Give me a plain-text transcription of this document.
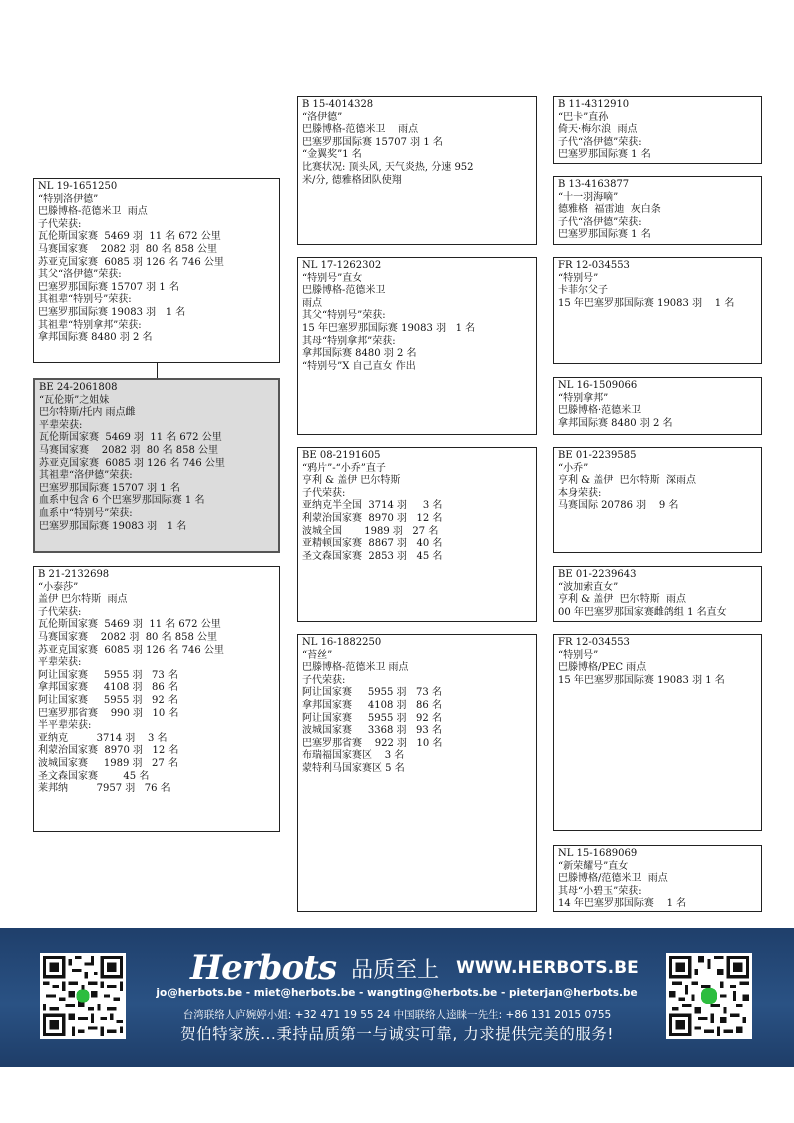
NL 19-1651250
“特别洛伊德”
巴滕博格-范德米卫  雨点
子代荣获:
瓦伦斯国家赛  5469 羽  11 名 672 公里
马赛国家赛    2082 羽  80 名 858 公里
苏亚克国家赛  6085 羽 126 名 746 公里
其父“洛伊德”荣获:
巴塞罗那国际赛 15707 羽 1 名
其祖辈“特别号”荣获:
巴塞罗那国际赛 19083 羽   1 名
其祖辈“特别拿邦”荣获:
拿邦国际赛 8480 羽 2 名
BE 24-2061808
“瓦伦斯”之姐妹
巴尔特斯/托内 雨点雌
平辈荣获:
瓦伦斯国家赛  5469 羽  11 名 672 公里
马赛国家赛    2082 羽  80 名 858 公里
苏亚克国家赛  6085 羽 126 名 746 公里
其祖辈“洛伊德”荣获:
巴塞罗那国际赛 15707 羽 1 名
血系中包含 6 个巴塞罗那国际赛 1 名
血系中“特别号”荣获:
巴塞罗那国际赛 19083 羽   1 名
B 21-2132698
“小泰莎”
盖伊 巴尔特斯  雨点
子代荣获:
瓦伦斯国家赛  5469 羽  11 名 672 公里
马赛国家赛    2082 羽  80 名 858 公里
苏亚克国家赛  6085 羽 126 名 746 公里
平辈荣获:
阿让国家赛     5955 羽   73 名
拿邦国家赛     4108 羽   86 名
阿让国家赛     5955 羽   92 名
巴塞罗那省赛    990 羽   10 名
半平辈荣获:
亚纳克         3714 羽    3 名
利蒙治国家赛  8970 羽   12 名
波城国家赛     1989 羽   27 名
圣文森国家赛        45 名
莱邦纳         7957 羽   76 名
B 15-4014328
“洛伊德”
巴滕博格-范德米卫    雨点
巴塞罗那国际赛 15707 羽 1 名
“金翼奖”1 名
比赛状况: 顶头风, 天气炎热, 分速 952
米/分, 德雅格团队使翔
NL 17-1262302
“特别号”直女
巴滕博格-范德米卫
雨点
其父“特别号”荣获:
15 年巴塞罗那国际赛 19083 羽   1 名
其母“特别拿邦”荣获:
拿邦国际赛 8480 羽 2 名
“特别号”X 自己直女 作出
BE 08-2191605
“鸦片”-“小乔”直子
亨利 & 盖伊 巴尔特斯
子代荣获:
亚纳克半全国  3714 羽     3 名
利蒙治国家赛  8970 羽   12 名
波城全国       1989 羽   27 名
亚精顿国家赛  8867 羽   40 名
圣文森国家赛  2853 羽   45 名
NL 16-1882250
“苔丝”
巴滕博格-范德米卫 雨点
子代荣获:
阿让国家赛     5955 羽   73 名
拿邦国家赛     4108 羽   86 名
阿让国家赛     5955 羽   92 名
波城国家赛     3368 羽   93 名
巴塞罗那省赛    922 羽   10 名
布瑞福国家赛区    3 名
蒙特利马国家赛区 5 名
B 11-4312910
“巴卡”直孙
倚天·梅尔浪  雨点
子代“洛伊德”荣获:
巴塞罗那国际赛 1 名
B 13-4163877
“十一羽海嘀”
德雅格  福雷迪  灰白条
子代“洛伊德”荣获:
巴塞罗那国际赛 1 名
FR 12-034553
“特别号”
卡菲尔父子
15 年巴塞罗那国际赛 19083 羽    1 名
NL 16-1509066
“特别拿邦”
巴滕博格·范德米卫
拿邦国际赛 8480 羽 2 名
BE 01-2239585
“小乔”
亨利 & 盖伊  巴尔特斯  深雨点
本身荣获:
马赛国际 20786 羽    9 名
BE 01-2239643
“波加索直女”
亨利 & 盖伊  巴尔特斯  雨点
00 年巴塞罗那国家赛雌鸽组 1 名直女
FR 12-034553
“特别号”
巴滕博格/PEC 雨点
15 年巴塞罗那国际赛 19083 羽 1 名
NL 15-1689069
“新荣耀号”直女
巴滕博格/范德米卫  雨点
其母“小碧玉”荣获:
14 年巴塞罗那国际赛    1 名
Herbots 品质至上 WWW.HERBOTS.BE
jo@herbots.be - miet@herbots.be - wangting@herbots.be - pieterjan@herbots.be
台湾联络人庐婉婷小姐: +32 471 19 55 24 中国联络人逵睐一先生: +86 131 2015 0755
贺伯特家族...秉持品质第一与诚实可靠, 力求提供完美的服务!
